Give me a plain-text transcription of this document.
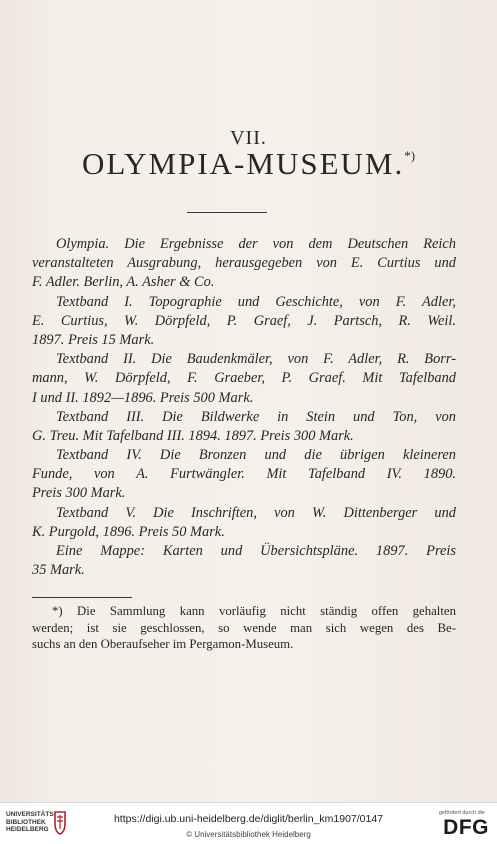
VII.
OLYMPIA-MUSEUM.*)
Olympia. Die Ergebnisse der von dem Deutschen Reich
veranstalteten Ausgrabung, herausgegeben von E. Curtius und
F. Adler. Berlin, A. Asher & Co.
Textband I. Topographie und Geschichte, von F. Adler,
E. Curtius, W. Dörpfeld, P. Graef, J. Partsch, R. Weil.
1897. Preis 15 Mark.
Textband II. Die Baudenkmäler, von F. Adler, R. Borr-
mann, W. Dörpfeld, F. Graeber, P. Graef. Mit Tafelband
I und II. 1892—1896. Preis 500 Mark.
Textband III. Die Bildwerke in Stein und Ton, von
G. Treu. Mit Tafelband III. 1894. 1897. Preis 300 Mark.
Textband IV. Die Bronzen und die übrigen kleineren
Funde, von A. Furtwängler. Mit Tafelband IV. 1890.
Preis 300 Mark.
Textband V. Die Inschriften, von W. Dittenberger und
K. Purgold, 1896. Preis 50 Mark.
Eine Mappe: Karten und Übersichtspläne. 1897. Preis
35 Mark.
*) Die Sammlung kann vorläufig nicht ständig offen gehalten
werden; ist sie geschlossen, so wende man sich wegen des Be-
suchs an den Oberaufseher im Pergamon-Museum.
UNIVERSITÄTS-
BIBLIOTHEK
HEIDELBERG
https://digi.ub.uni-heidelberg.de/diglit/berlin_km1907/0147
© Universitätsbibliothek Heidelberg
gefördert durch die
DFG
